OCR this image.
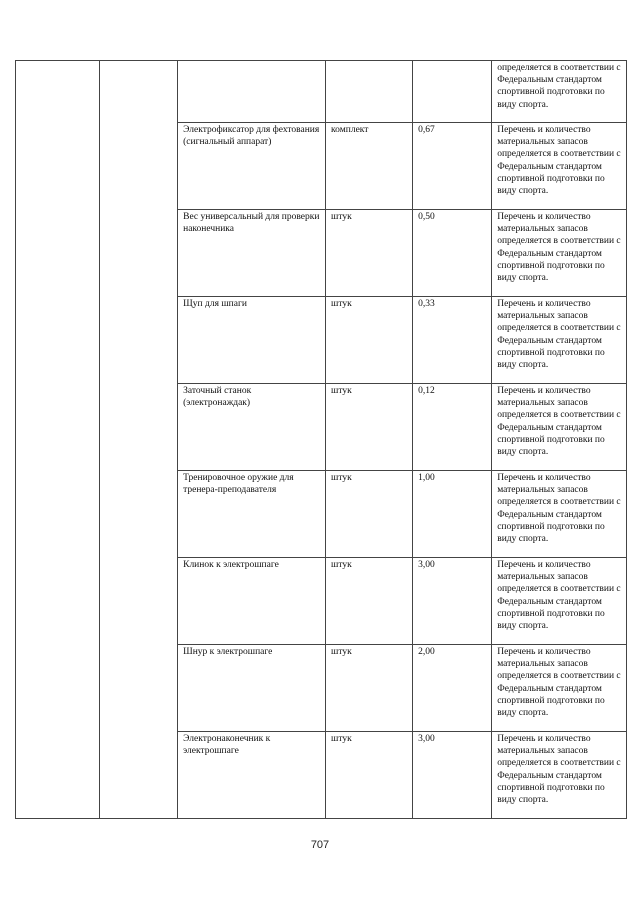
					определяется в соответствии с Федеральным стандартом спортивной подготовки по виду спорта.
		Электрофиксатор для фехтования (сигнальный аппарат)	комплект	0,67	Перечень и количество материальных запасов определяется в соответствии с Федеральным стандартом спортивной подготовки по виду спорта.
		Вес универсальный для проверки наконечника	штук	0,50	Перечень и количество материальных запасов определяется в соответствии с Федеральным стандартом спортивной подготовки по виду спорта.
		Щуп для шпаги	штук	0,33	Перечень и количество материальных запасов определяется в соответствии с Федеральным стандартом спортивной подготовки по виду спорта.
		Заточный станок (электронаждак)	штук	0,12	Перечень и количество материальных запасов определяется в соответствии с Федеральным стандартом спортивной подготовки по виду спорта.
		Тренировочное оружие для тренера-преподавателя	штук	1,00	Перечень и количество материальных запасов определяется в соответствии с Федеральным стандартом спортивной подготовки по виду спорта.
		Клинок к электрошпаге	штук	3,00	Перечень и количество материальных запасов определяется в соответствии с Федеральным стандартом спортивной подготовки по виду спорта.
		Шнур к электрошпаге	штук	2,00	Перечень и количество материальных запасов определяется в соответствии с Федеральным стандартом спортивной подготовки по виду спорта.
		Электронаконечник к электрошпаге	штук	3,00	Перечень и количество материальных запасов определяется в соответствии с Федеральным стандартом спортивной подготовки по виду спорта.
707
